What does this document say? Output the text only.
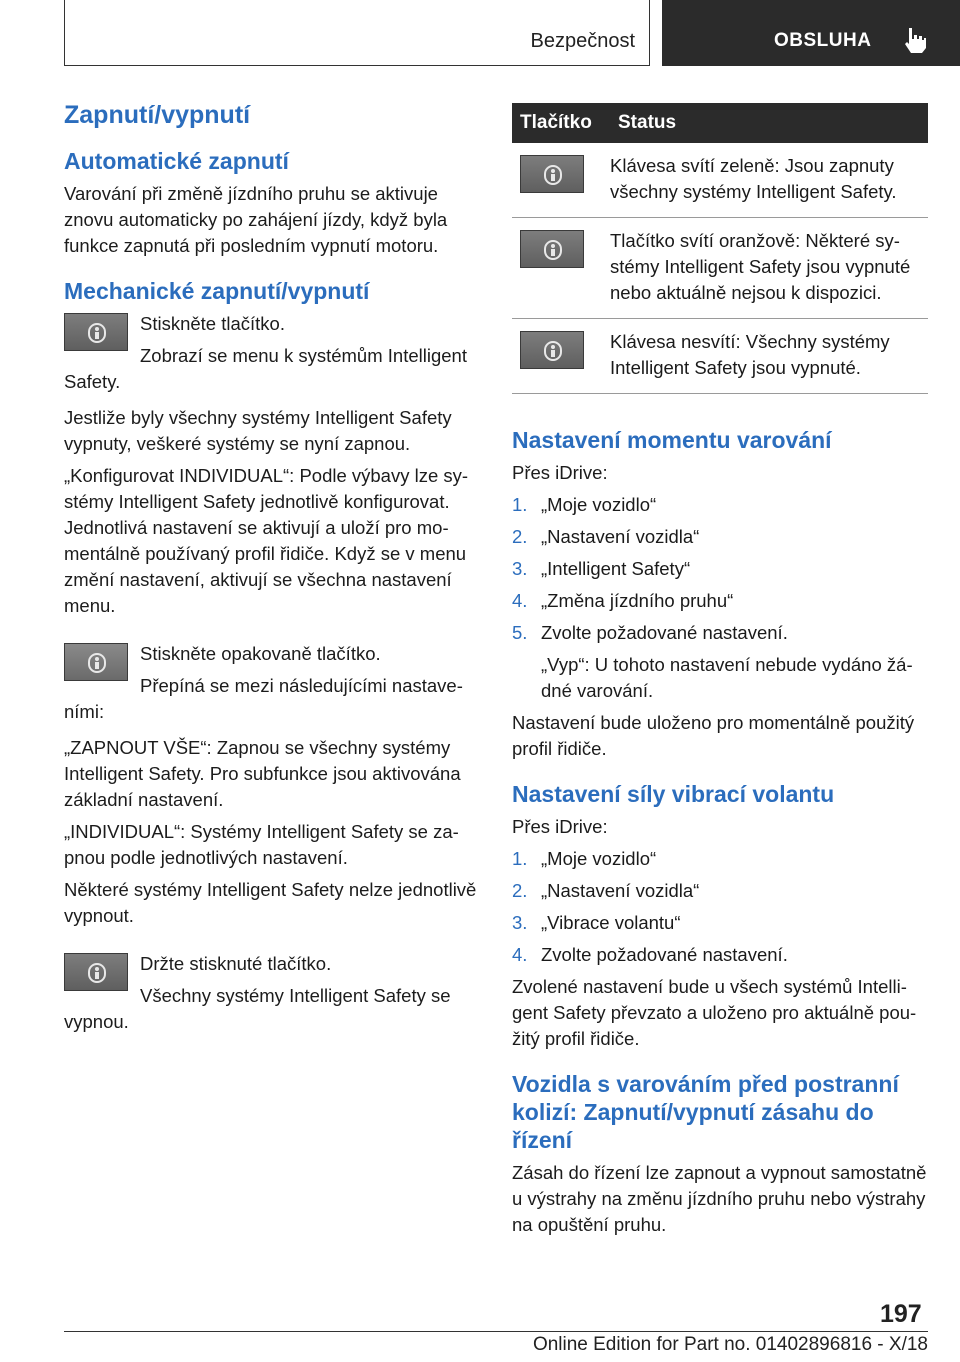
Bezpečnost	OBSLUHA
Zapnutí/vypnutí
Automatické zapnutí

Varování při změně jízdního pruhu se aktivuje znovu automaticky po zahájení jízdy, když byla funkce zapnutá při posledním vypnutí motoru.

Mechanické zapnutí/vypnutí

Stiskněte tlačítko.

Zobrazí se menu k systémům Intelligent Safety.

Jestliže byly všechny systémy Intelligent Safety vypnuty, veškeré systémy se nyní zapnou.

„Konfigurovat INDIVIDUAL“: Podle výbavy lze systémy Intelligent Safety jednotlivě konfigurovat. Jednotlivá nastavení se aktivují a uloží pro momentálně používaný profil řidiče. Když se v menu změní nastavení, aktivují se všechna nastavení menu.

Stiskněte opakovaně tlačítko.

Přepíná se mezi následujícími nastaveními:

„ZAPNOUT VŠE“: Zapnou se všechny systémy Intelligent Safety. Pro subfunkce jsou aktivována základní nastavení.

„INDIVIDUAL“: Systémy Intelligent Safety se zapnou podle jednotlivých nastavení.

Některé systémy Intelligent Safety nelze jednotlivě vypnout.

Držte stisknuté tlačítko.

Všechny systémy Intelligent Safety se vypnou.

Tlačítko	Status

	Klávesa svítí zeleně: Jsou zapnuty všechny systémy Intelligent Safety.

	Tlačítko svítí oranžově: Některé systémy Intelligent Safety jsou vypnuté nebo aktuálně nejsou k dispozici.

	Klávesa nesvítí: Všechny systémy Intelligent Safety jsou vypnuté.
Nastavení momentu varování

Přes iDrive:

1. „Moje vozidlo“
2. „Nastavení vozidla“
3. „Intelligent Safety“
4. „Změna jízdního pruhu“
5. Zvolte požadované nastavení.

„Vyp“: U tohoto nastavení nebude vydáno žádné varování.

Nastavení bude uloženo pro momentálně použitý profil řidiče.

Nastavení síly vibrací volantu

Přes iDrive:

1. „Moje vozidlo“
2. „Nastavení vozidla“
3. „Vibrace volantu“
4. Zvolte požadované nastavení.

Zvolené nastavení bude u všech systémů Intelligent Safety převzato a uloženo pro aktuálně použitý profil řidiče.

Vozidla s varováním před postranní kolizí: Zapnutí/vypnutí zásahu do řízení

Zásah do řízení lze zapnout a vypnout samostatně u výstrahy na změnu jízdního pruhu nebo výstrahy na opuštění pruhu.

197
Online Edition for Part no. 01402896816 - X/18
